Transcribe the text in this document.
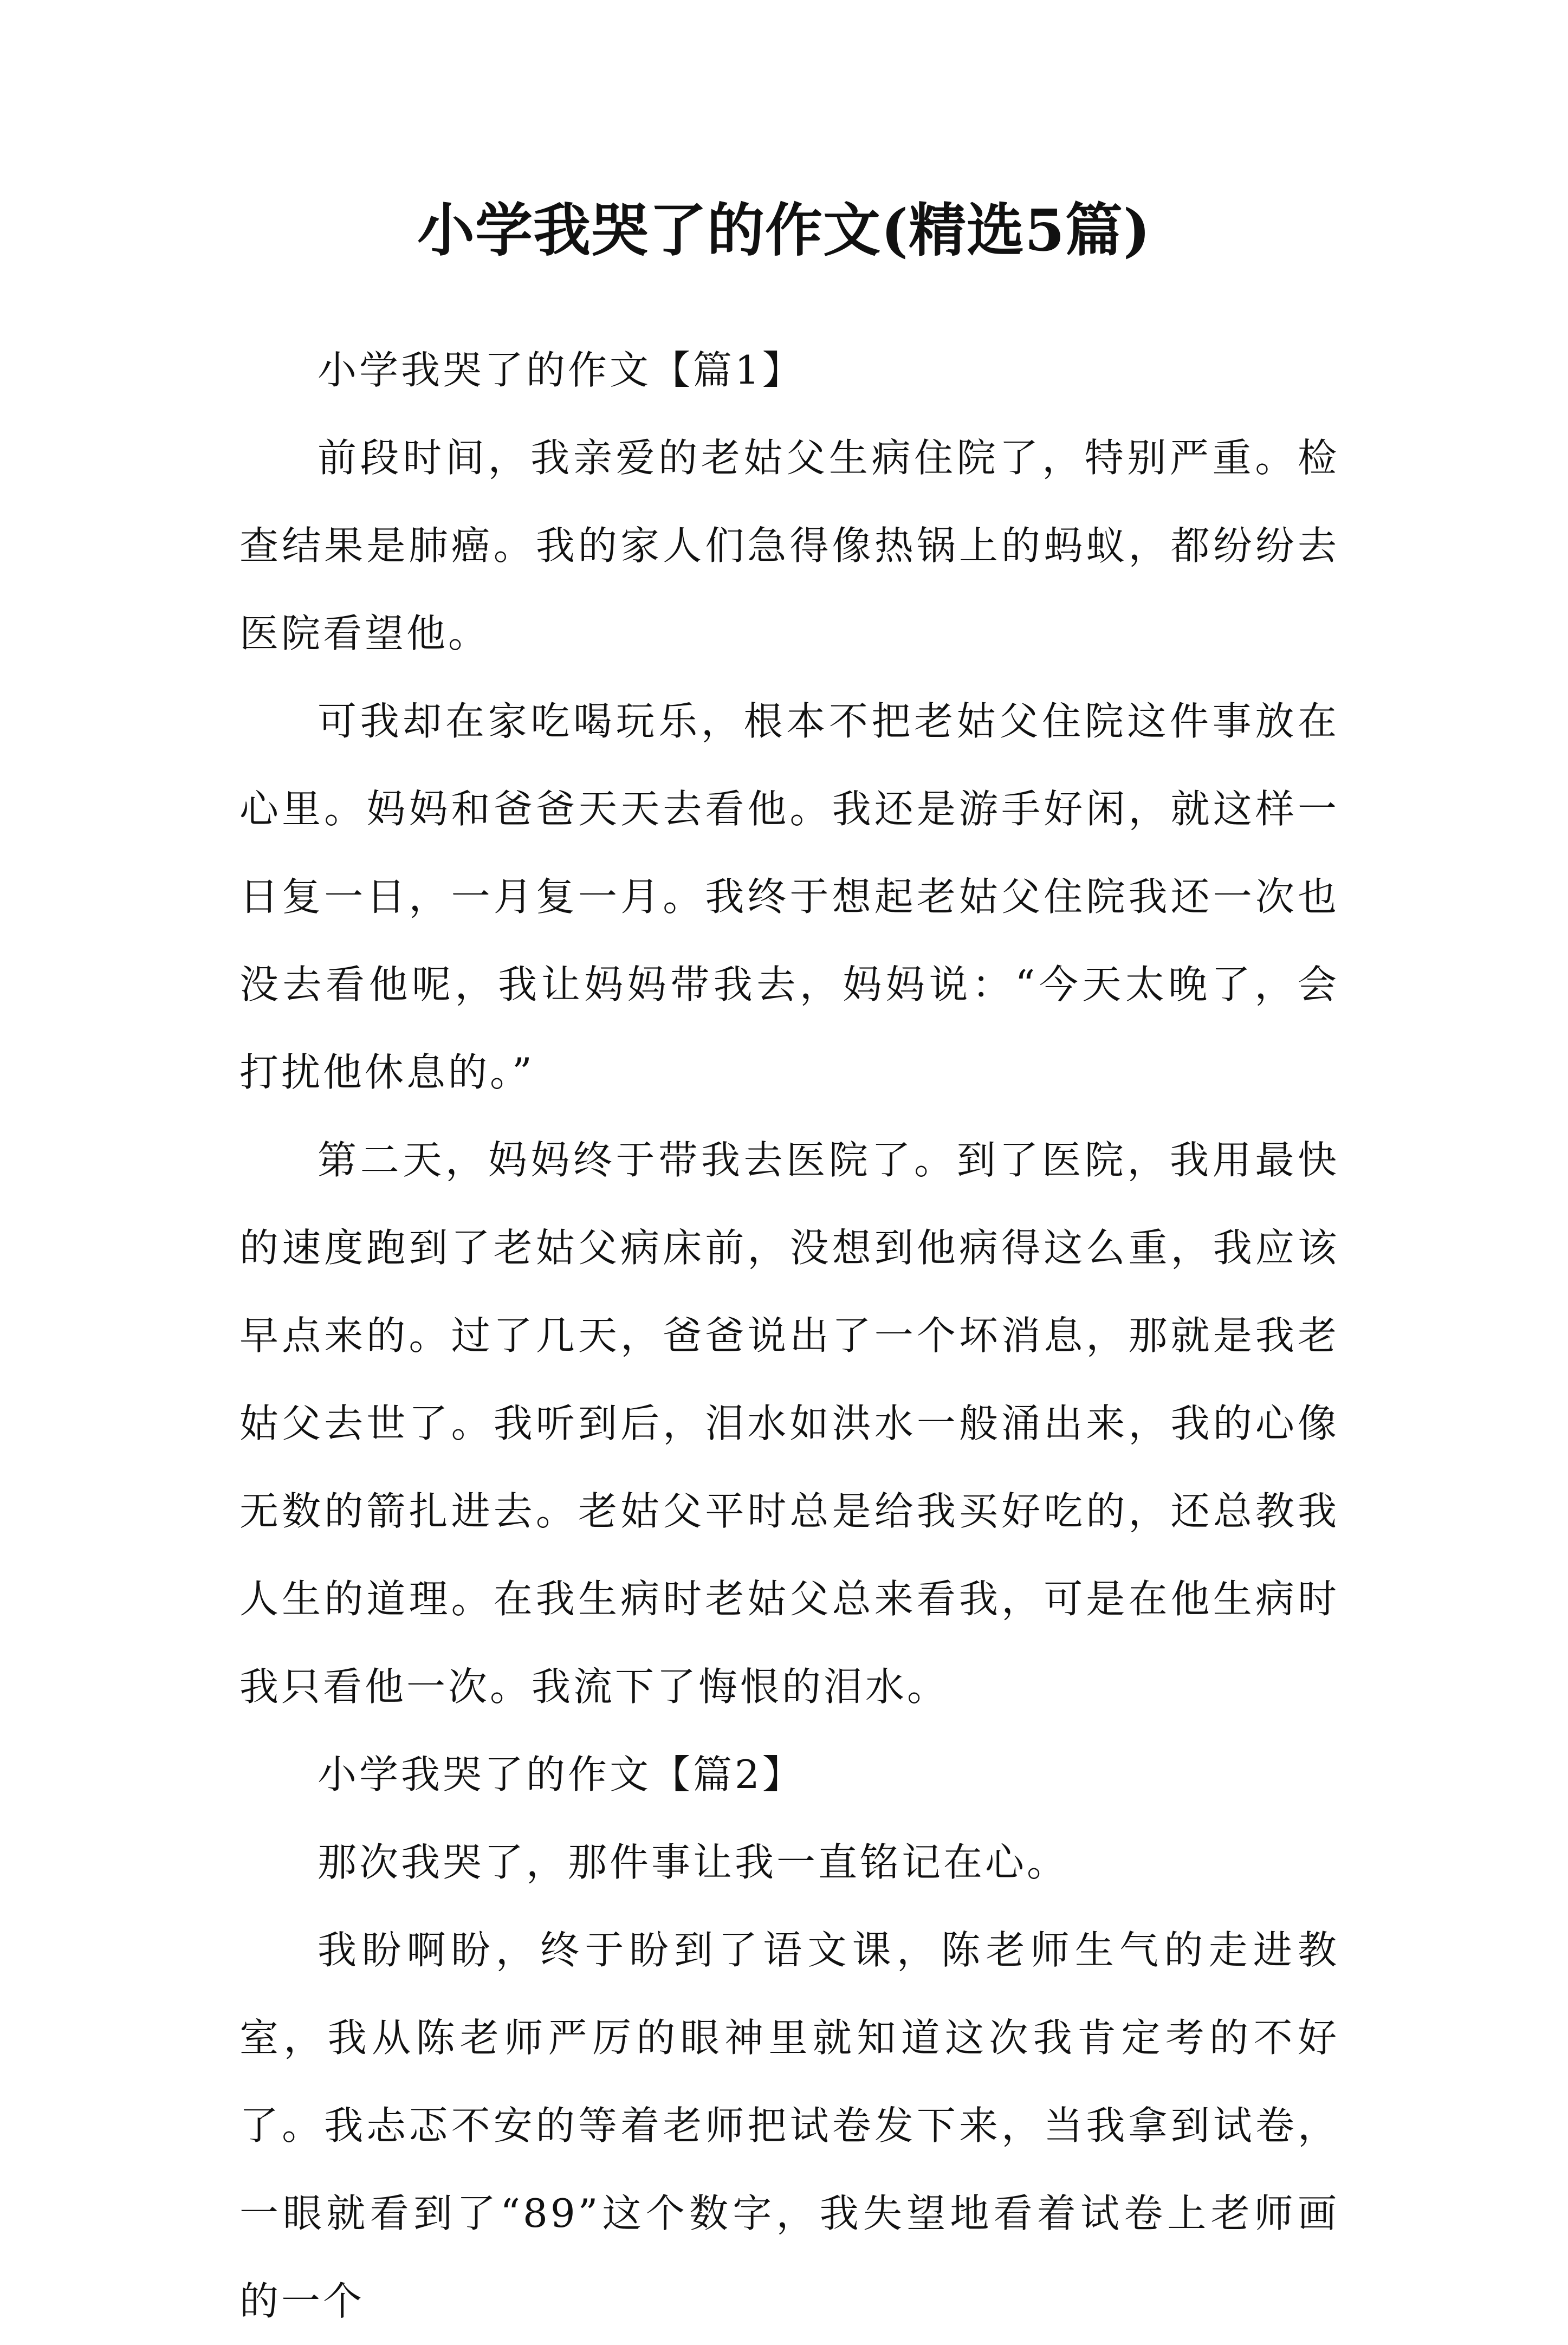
小学我哭了的作文(精选5篇)

小学我哭了的作文【篇1】

前段时间，我亲爱的老姑父生病住院了，特别严重。检查结果是肺癌。我的家人们急得像热锅上的蚂蚁，都纷纷去医院看望他。

可我却在家吃喝玩乐，根本不把老姑父住院这件事放在心里。妈妈和爸爸天天去看他。我还是游手好闲，就这样一日复一日，一月复一月。我终于想起老姑父住院我还一次也没去看他呢，我让妈妈带我去，妈妈说：“今天太晚了，会打扰他休息的。”

第二天，妈妈终于带我去医院了。到了医院，我用最快的速度跑到了老姑父病床前，没想到他病得这么重，我应该早点来的。过了几天，爸爸说出了一个坏消息，那就是我老姑父去世了。我听到后，泪水如洪水一般涌出来，我的心像无数的箭扎进去。老姑父平时总是给我买好吃的，还总教我人生的道理。在我生病时老姑父总来看我，可是在他生病时我只看他一次。我流下了悔恨的泪水。

小学我哭了的作文【篇2】

那次我哭了，那件事让我一直铭记在心。

我盼啊盼，终于盼到了语文课，陈老师生气的走进教室，我从陈老师严厉的眼神里就知道这次我肯定考的不好了。我忐忑不安的等着老师把试卷发下来，当我拿到试卷，一眼就看到了“89”这个数字，我失望地看着试卷上老师画的一个
